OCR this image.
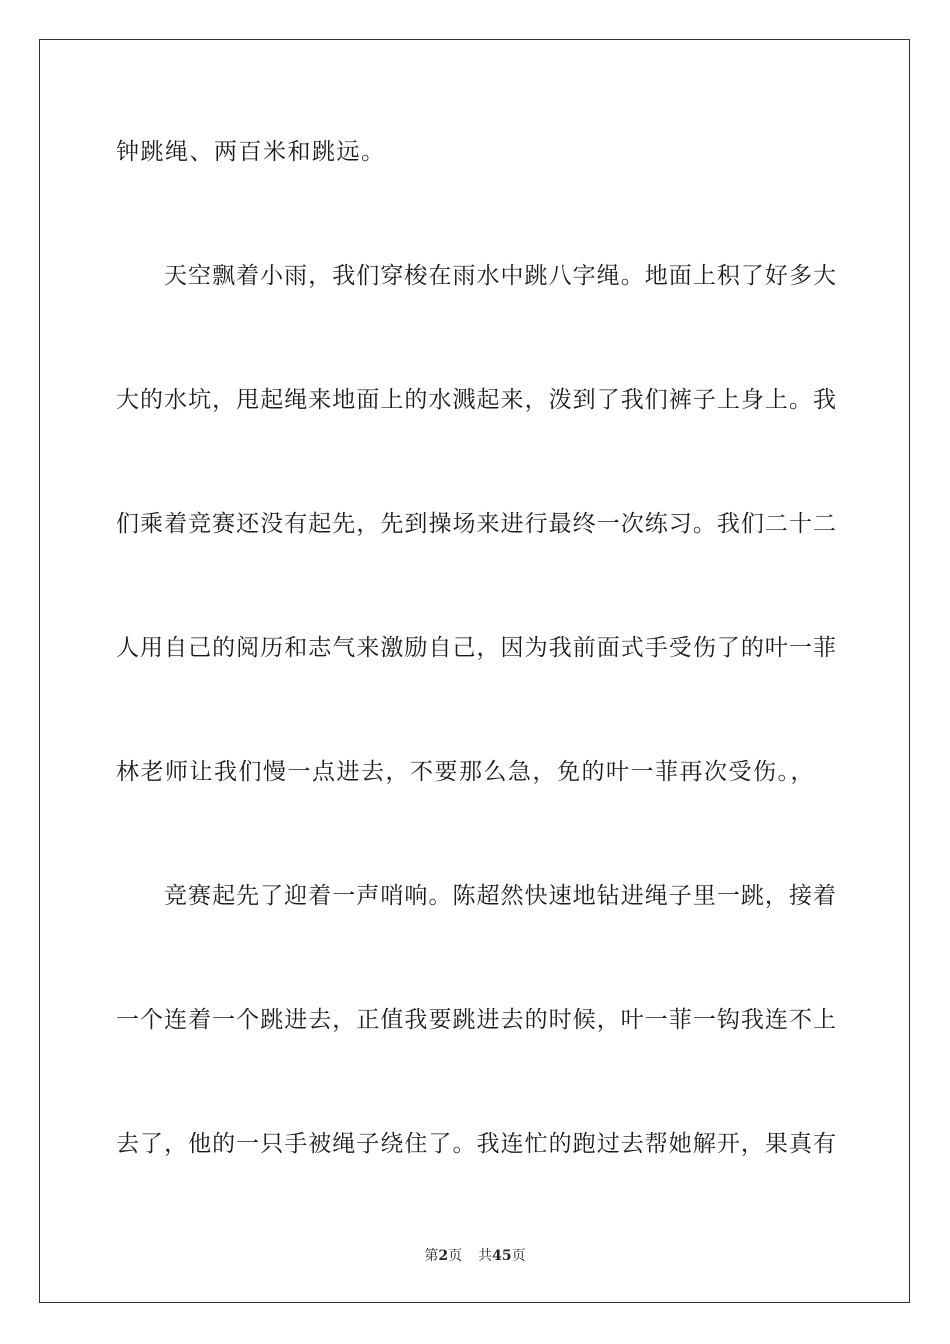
钟跳绳、两百米和跳远。
天空飘着小雨，我们穿梭在雨水中跳八字绳。地面上积了好多大
大的水坑，甩起绳来地面上的水溅起来，泼到了我们裤子上身上。我
们乘着竞赛还没有起先，先到操场来进行最终一次练习。我们二十二
人用自己的阅历和志气来激励自己，因为我前面式手受伤了的叶一菲
林老师让我们慢一点进去，不要那么急，免的叶一菲再次受伤。，
竞赛起先了迎着一声哨响。陈超然快速地钻进绳子里一跳，接着
一个连着一个跳进去，正值我要跳进去的时候，叶一菲一钩我连不上
去了，他的一只手被绳子绕住了。我连忙的跑过去帮她解开，果真有
第2页 共45页
